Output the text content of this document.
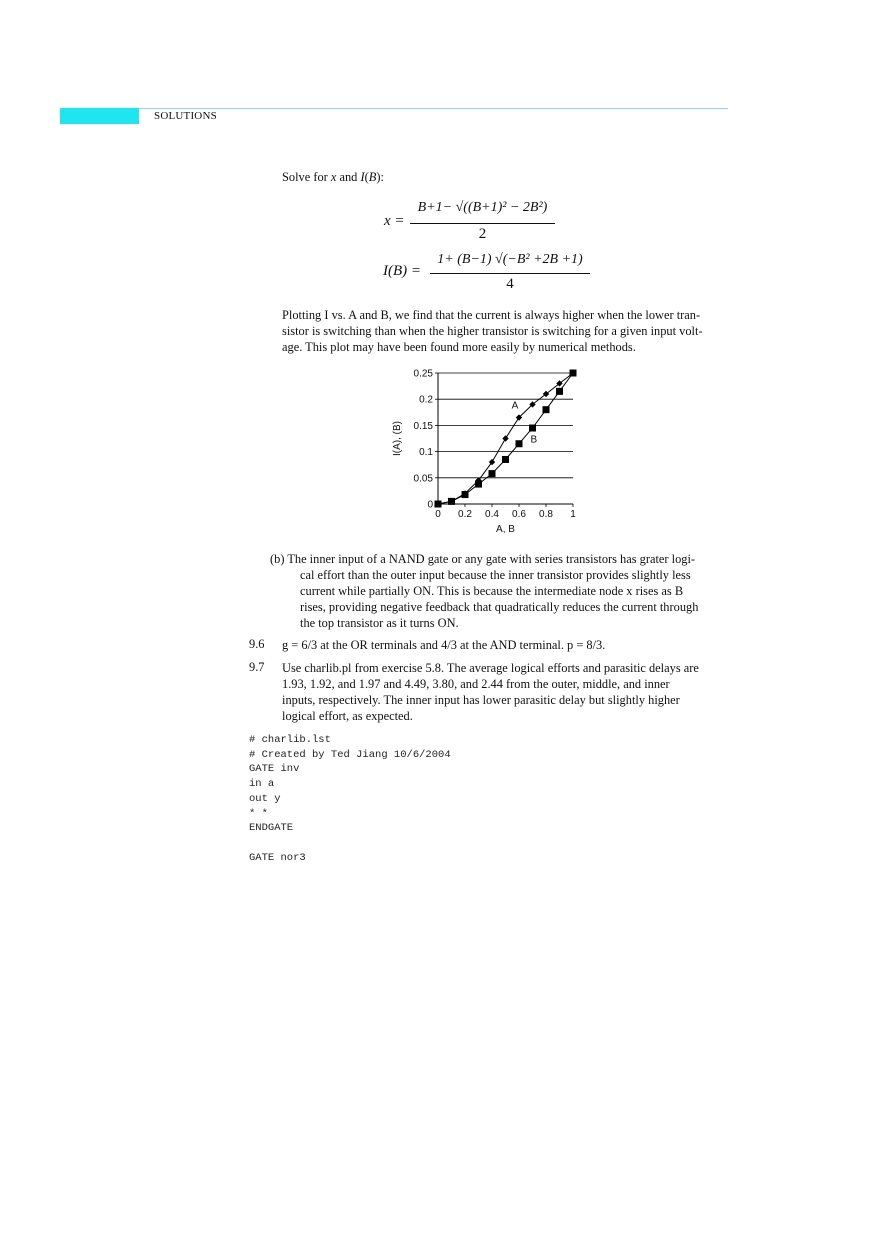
00 SOLUTIONS
Solve for x and I(B):
x =
B+1− √((B+1)² − 2B²)
2
I(B) =
1+ (B−1) √(−B² +2B +1)
4
Plotting I vs. A and B, we find that the current is always higher when the lower tran-
sistor is switching than when the higher transistor is switching for a given input volt-
age. This plot may have been found more easily by numerical methods.
0
0.05
0.1
0.15
0.2
0.25
0 0.2 0.4 0.6 0.8 1
A, B
I(A), (B)
A
B
(b) The inner input of a NAND gate or any gate with series transistors has grater logi-
cal effort than the outer input because the inner transistor provides slightly less
current while partially ON. This is because the intermediate node x rises as B
rises, providing negative feedback that quadratically reduces the current through
the top transistor as it turns ON.
9.6 g = 6/3 at the OR terminals and 4/3 at the AND terminal. p = 8/3.
9.7 Use charlib.pl from exercise 5.8. The average logical efforts and parasitic delays are
1.93, 1.92, and 1.97 and 4.49, 3.80, and 2.44 from the outer, middle, and inner
inputs, respectively. The inner input has lower parasitic delay but slightly higher
logical effort, as expected.
# charlib.lst
# Created by Ted Jiang 10/6/2004
GATE inv
in a
out y
* *
ENDGATE

GATE nor3
